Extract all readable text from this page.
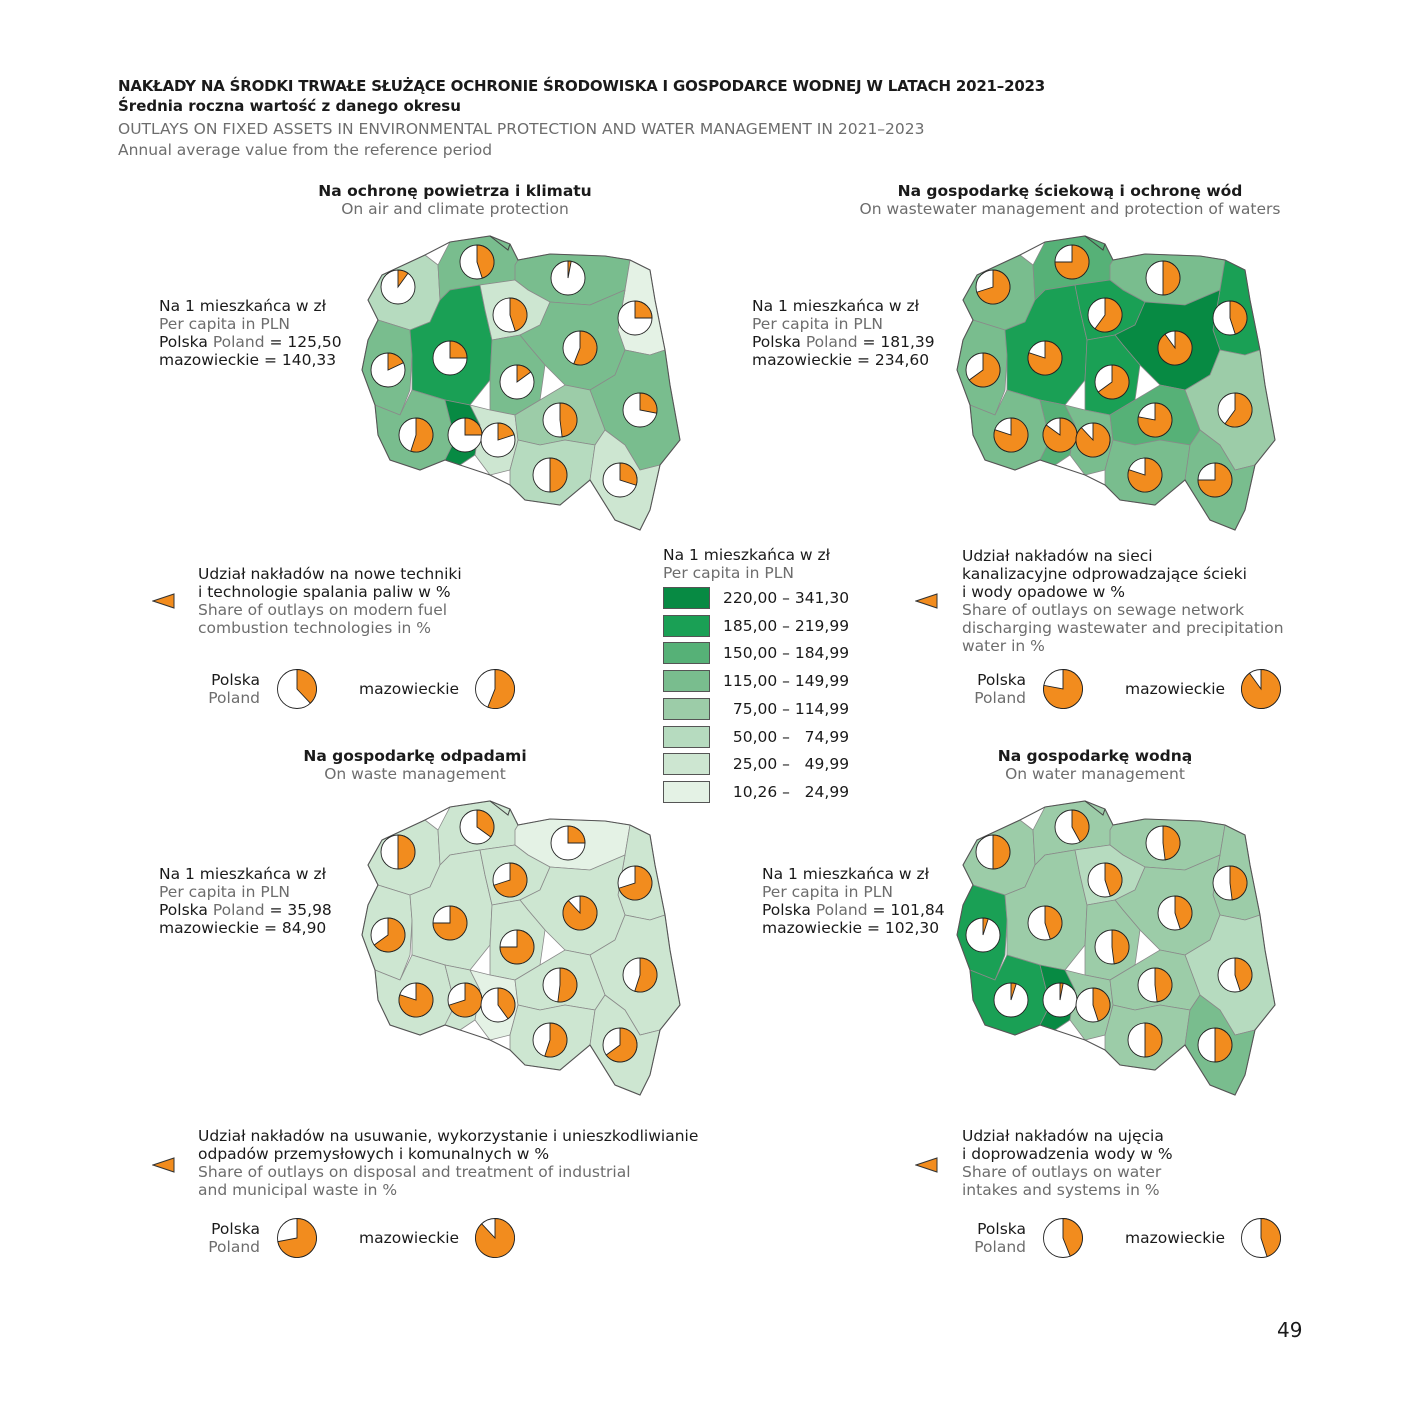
NAKŁADY NA ŚRODKI TRWAŁE SŁUŻĄCE OCHRONIE ŚRODOWISKA I GOSPODARCE WODNEJ W LATACH 2021–2023
Średnia roczna wartość z danego okresu
OUTLAYS ON FIXED ASSETS IN ENVIRONMENTAL PROTECTION AND WATER MANAGEMENT IN 2021–2023
Annual average value from the reference period
Na ochronę powietrza i klimatu
On air and climate protection
Na 1 mieszkańca w zł
Per capita in PLN
Polska Poland = 125,50
mazowieckie = 140,33
Na gospodarkę ściekową i ochronę wód
On wastewater management and protection of waters
Na 1 mieszkańca w zł
Per capita in PLN
Polska Poland = 181,39
mazowieckie = 234,60
Na gospodarkę odpadami
On waste management
Na 1 mieszkańca w zł
Per capita in PLN
Polska Poland = 35,98
mazowieckie = 84,90
Na gospodarkę wodną
On water management
Na 1 mieszkańca w zł
Per capita in PLN
Polska Poland = 101,84
mazowieckie = 102,30
Udział nakładów na nowe techniki
i technologie spalania paliw w %
Share of outlays on modern fuel
combustion technologies in %
Udział nakładów na sieci
kanalizacyjne odprowadzające ścieki
i wody opadowe w %
Share of outlays on sewage network
discharging wastewater and precipitation
water in %
Udział nakładów na usuwanie, wykorzystanie i unieszkodliwianie
odpadów przemysłowych i komunalnych w %
Share of outlays on disposal and treatment of industrial
and municipal waste in %
Udział nakładów na ujęcia
i doprowadzenia wody w %
Share of outlays on water
intakes and systems in %
Polska
Poland	mazowieckie	Polska
Poland	mazowieckie
Polska
Poland	mazowieckie	Polska
Poland	mazowieckie
Na 1 mieszkańca w zł
Per capita in PLN
220,00 – 341,30
185,00 – 219,99
150,00 – 184,99
115,00 – 149,99
75,00 – 114,99
50,00 –   74,99
25,00 –   49,99
10,26 –   24,99
49
